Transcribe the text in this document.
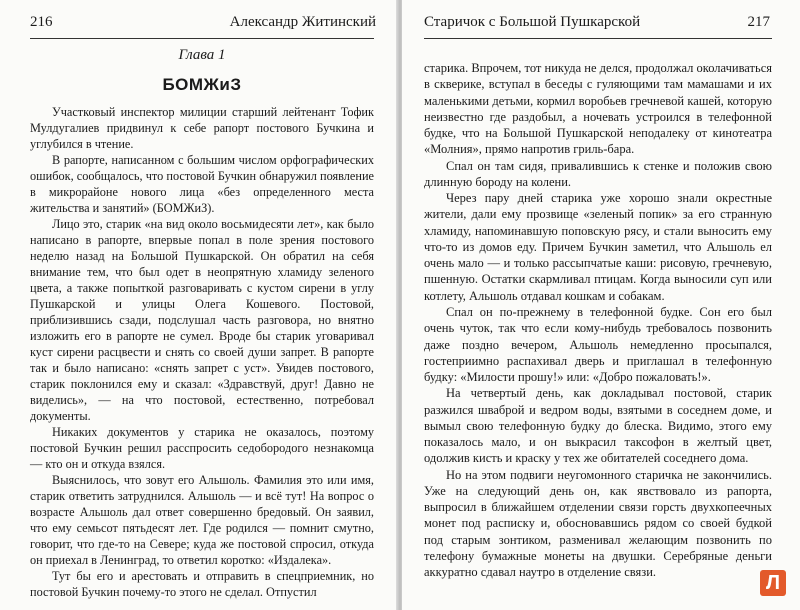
216	Александр Житинский
Глава 1
БОМЖиЗ

Участковый инспектор милиции старший лейтенант Тофик Мулдугалиев придвинул к себе рапорт постового Бучкина и углубился в чтение.

В рапорте, написанном с большим числом орфографических ошибок, сообщалось, что постовой Бучкин обнаружил появление в микрорайоне нового лица «без определенного места жительства и занятий» (БОМЖиЗ).

Лицо это, старик «на вид около восьмидесяти лет», как было написано в рапорте, впервые попал в поле зрения постового неделю назад на Большой Пушкарской. Он обратил на себя внимание тем, что был одет в неопрятную хламиду зеленого цвета, а также попыткой разговаривать с кустом сирени в углу Пушкарской и улицы Олега Кошевого. Постовой, приблизившись сзади, подслушал часть разговора, но внятно изложить его в рапорте не сумел. Вроде бы старик уговаривал куст сирени расцвести и снять со своей души запрет. В рапорте так и было написано: «снять запрет с уст». Увидев постового, старик поклонился ему и сказал: «Здравствуй, друг! Давно не виделись», — на что постовой, естественно, потребовал документы.

Никаких документов у старика не оказалось, поэтому постовой Бучкин решил расспросить седобородого незнакомца — кто он и откуда взялся.

Выяснилось, что зовут его Альшоль. Фамилия это или имя, старик ответить затруднился. Альшоль — и всё тут! На вопрос о возрасте Альшоль дал ответ совершенно бредовый. Он заявил, что ему семьсот пятьдесят лет. Где родился — помнит смутно, говорит, что где-то на Севере; куда же постовой спросил, откуда он приехал в Ленинград, то ответил коротко: «Издалека».

Тут бы его и арестовать и отправить в спецприемник, но постовой Бучкин почему-то этого не сделал. Отпустил

Старичок с Большой Пушкарской	217

старика. Впрочем, тот никуда не делся, продолжал околачиваться в скверике, вступал в беседы с гуляющими там мамашами и их маленькими детьми, кормил воробьев гречневой кашей, которую неизвестно где раздобыл, а ночевать устроился в телефонной будке, что на Большой Пушкарской неподалеку от кинотеатра «Молния», прямо напротив гриль-бара.

Спал он там сидя, привалившись к стенке и положив свою длинную бороду на колени.

Через пару дней старика уже хорошо знали окрестные жители, дали ему прозвище «зеленый попик» за его странную хламиду, напоминавшую поповскую рясу, и стали выносить ему что-то из домов еду. Причем Бучкин заметил, что Альшоль ел очень мало — и только рассыпчатые каши: рисовую, гречневую, пшенную. Остатки скармливал птицам. Когда выносили суп или котлету, Альшоль отдавал кошкам и собакам.

Спал он по-прежнему в телефонной будке. Сон его был очень чуток, так что если кому-нибудь требовалось позвонить даже поздно вечером, Альшоль немедленно просыпался, гостеприимно распахивал дверь и приглашал в телефонную будку: «Милости прошу!» или: «Добро пожаловать!».

На четвертый день, как докладывал постовой, старик разжился шваброй и ведром воды, взятыми в соседнем доме, и вымыл свою телефонную будку до блеска. Видимо, этого ему показалось мало, и он выкрасил таксофон в желтый цвет, одолжив кисть и краску у тех же обитателей соседнего дома.

Но на этом подвиги неугомонного старичка не закончились. Уже на следующий день он, как явствовало из рапорта, выпросил в ближайшем отделении связи горсть двухкопеечных монет под расписку и, обосновавшись рядом со своей будкой под старым зонтиком, разменивал желающим позвонить по телефону бумажные монеты на двушки. Серебряные деньги аккуратно сдавал наутро в отделение связи.	Л
